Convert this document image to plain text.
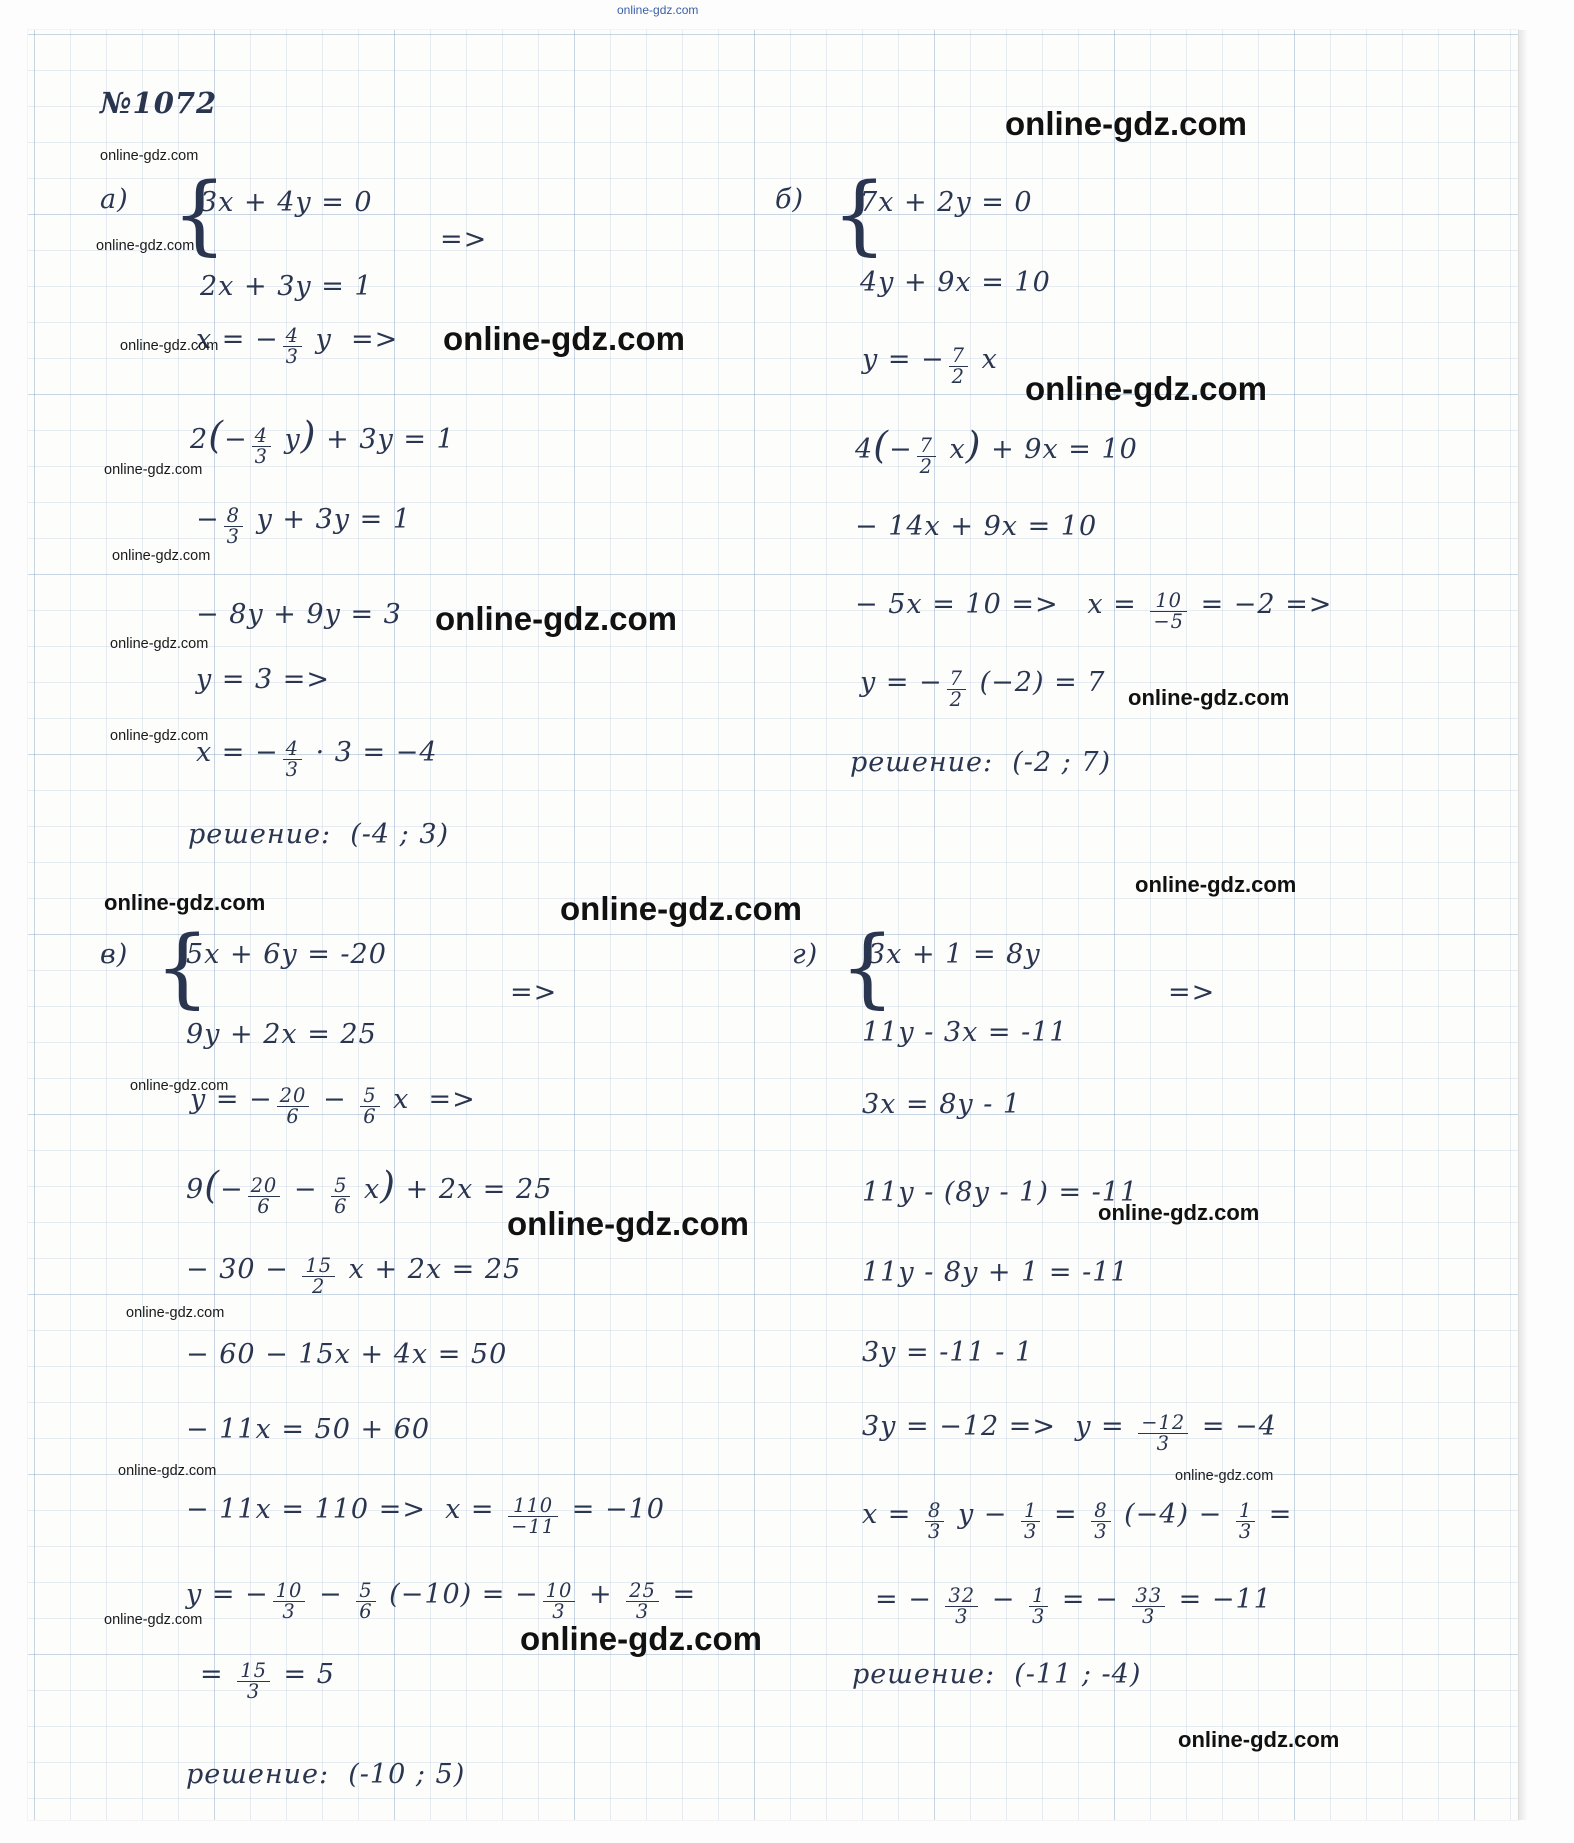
online-gdz.com
№1072
а) {
3x + 4y = 0
2x + 3y = 1
=>
x = − $\frac{4}{3}$ y  =>
$2(- \frac{4}{3} y) + 3y = 1$
− $\frac{8}{3}$ y + 3y = 1
− 8y + 9y = 3
y = 3 =>
x = − $\frac{4}{3} \cdot 3 = -4$
решение: (-4 ; 3)
б) {
7x + 2y = 0
4y + 9x = 10
y = − $\frac{7}{2}$ x
$4(- \frac{7}{2} x) + 9x = 10$
− 14x + 9x = 10
− $5x = 10 => x = \frac{10}{-5} = -2$ =>
y = − $\frac{7}{2} (-2) = 7$
решение: (-2 ; 7)
в) {
5x + 6y = -20
9y + 2x = 25
=>
y = − $\frac{20}{6} - \frac{5}{6}$ x  =>
$9(- \frac{20}{6} - \frac{5}{6} x) + 2x = 25$
− $30 - \frac{15}{2}$ x + 2x = 25
− 60 − 15x + 4x = 50
− 11x = 50 + 60
− $11x = 110 => x = \frac{110}{-11} = -10$
y = − $\frac{10}{3} - \frac{5}{6} (-10)$ = − $\frac{10}{3} + \frac{25}{3}$ =
= $\frac{15}{3} = 5$
решение: (-10 ; 5)
г) {
3x + 1 = 8y
11y - 3x = -11
=>
3x = 8y - 1
11y - (8y - 1) = -11
11y - 8y + 1 = -11
3y = -11 - 1
$3y = -12 => y = \frac{-12}{3} = -4$
$x = \frac{8}{3}$ $y - \frac{1}{3} = \frac{8}{3} (-4) - \frac{1}{3}$ =
= − $\frac{32}{3} - \frac{1}{3}$ = − $\frac{33}{3} = -11$
решение: (-11 ; -4)
online-gdz.com
online-gdz.com
online-gdz.com
online-gdz.com
online-gdz.com
online-gdz.com
online-gdz.com
online-gdz.com	online-gdz.com
online-gdz.com
online-gdz.com
online-gdz.com
online-gdz.com
online-gdz.com
online-gdz.com
online-gdz.com
online-gdz.com
online-gdz.com
online-gdz.com
online-gdz.com
online-gdz.com
online-gdz.com
online-gdz.com
online-gdz.com
